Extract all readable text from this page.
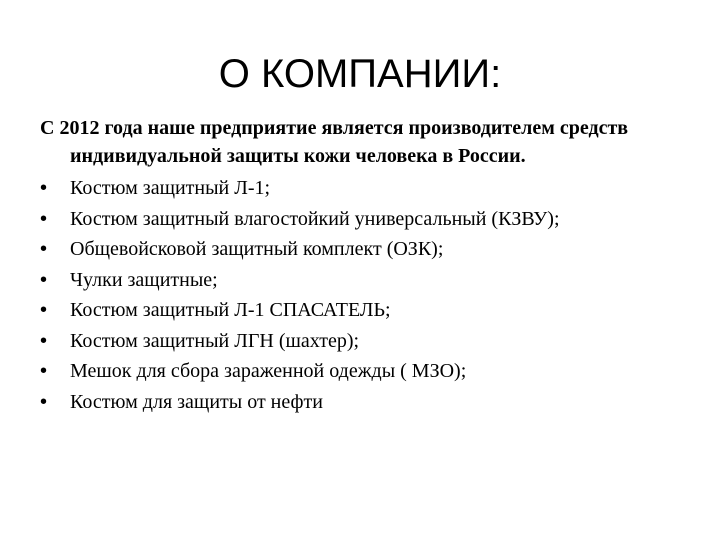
О КОМПАНИИ:

С 2012 года наше предприятие является производителем средств индивидуальной защиты кожи человека в России.

•	Костюм защитный Л-1;
•	Костюм защитный влагостойкий универсальный (КЗВУ);
•	Общевойсковой защитный комплект (ОЗК);
•	Чулки защитные;
•	Костюм защитный Л-1 СПАСАТЕЛЬ;
•	Костюм защитный ЛГН (шахтер);
•	Мешок для сбора зараженной одежды ( МЗО);
•	Костюм для защиты от нефти
